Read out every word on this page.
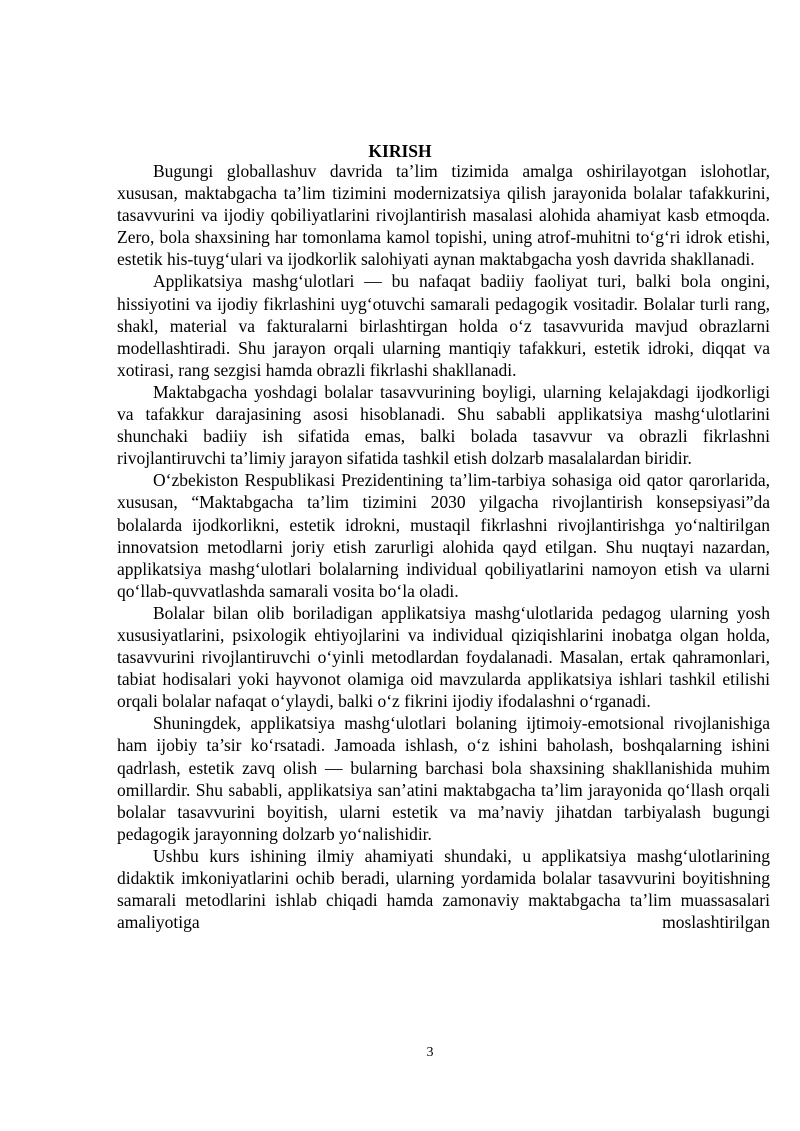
KIRISH

Bugungi globallashuv davrida ta’lim tizimida amalga oshirilayotgan islohotlar, xususan, maktabgacha ta’lim tizimini modernizatsiya qilish jarayonida bolalar tafakkurini, tasavvurini va ijodiy qobiliyatlarini rivojlantirish masalasi alohida ahamiyat kasb etmoqda. Zero, bola shaxsining har tomonlama kamol topishi, uning atrof-muhitni to‘g‘ri idrok etishi, estetik his-tuyg‘ulari va ijodkorlik salohiyati aynan maktabgacha yosh davrida shakllanadi.

Applikatsiya mashg‘ulotlari — bu nafaqat badiiy faoliyat turi, balki bola ongini, hissiyotini va ijodiy fikrlashini uyg‘otuvchi samarali pedagogik vositadir. Bolalar turli rang, shakl, material va fakturalarni birlashtirgan holda o‘z tasavvurida mavjud obrazlarni modellashtiradi. Shu jarayon orqali ularning mantiqiy tafakkuri, estetik idroki, diqqat va xotirasi, rang sezgisi hamda obrazli fikrlashi shakllanadi.

Maktabgacha yoshdagi bolalar tasavvurining boyligi, ularning kelajakdagi ijodkorligi va tafakkur darajasining asosi hisoblanadi. Shu sababli applikatsiya mashg‘ulotlarini shunchaki badiiy ish sifatida emas, balki bolada tasavvur va obrazli fikrlashni rivojlantiruvchi ta’limiy jarayon sifatida tashkil etish dolzarb masalalardan biridir.

O‘zbekiston Respublikasi Prezidentining ta’lim-tarbiya sohasiga oid qator qarorlarida, xususan, “Maktabgacha ta’lim tizimini 2030 yilgacha rivojlantirish konsepsiyasi”da bolalarda ijodkorlikni, estetik idrokni, mustaqil fikrlashni rivojlantirishga yo‘naltirilgan innovatsion metodlarni joriy etish zarurligi alohida qayd etilgan. Shu nuqtayi nazardan, applikatsiya mashg‘ulotlari bolalarning individual qobiliyatlarini namoyon etish va ularni qo‘llab-quvvatlashda samarali vosita bo‘la oladi.

Bolalar bilan olib boriladigan applikatsiya mashg‘ulotlarida pedagog ularning yosh xususiyatlarini, psixologik ehtiyojlarini va individual qiziqishlarini inobatga olgan holda, tasavvurini rivojlantiruvchi o‘yinli metodlardan foydalanadi. Masalan, ertak qahramonlari, tabiat hodisalari yoki hayvonot olamiga oid mavzularda applikatsiya ishlari tashkil etilishi orqali bolalar nafaqat o‘ylaydi, balki o‘z fikrini ijodiy ifodalashni o‘rganadi.

Shuningdek, applikatsiya mashg‘ulotlari bolaning ijtimoiy-emotsional rivojlanishiga ham ijobiy ta’sir ko‘rsatadi. Jamoada ishlash, o‘z ishini baholash, boshqalarning ishini qadrlash, estetik zavq olish — bularning barchasi bola shaxsining shakllanishida muhim omillardir. Shu sababli, applikatsiya san’atini maktabgacha ta’lim jarayonida qo‘llash orqali bolalar tasavvurini boyitish, ularni estetik va ma’naviy jihatdan tarbiyalash bugungi pedagogik jarayonning dolzarb yo‘nalishidir.

Ushbu kurs ishining ilmiy ahamiyati shundaki, u applikatsiya mashg‘ulotlarining didaktik imkoniyatlarini ochib beradi, ularning yordamida bolalar tasavvurini boyitishning samarali metodlarini ishlab chiqadi hamda zamonaviy maktabgacha ta’lim muassasalari amaliyotiga moslashtirilgan

3
